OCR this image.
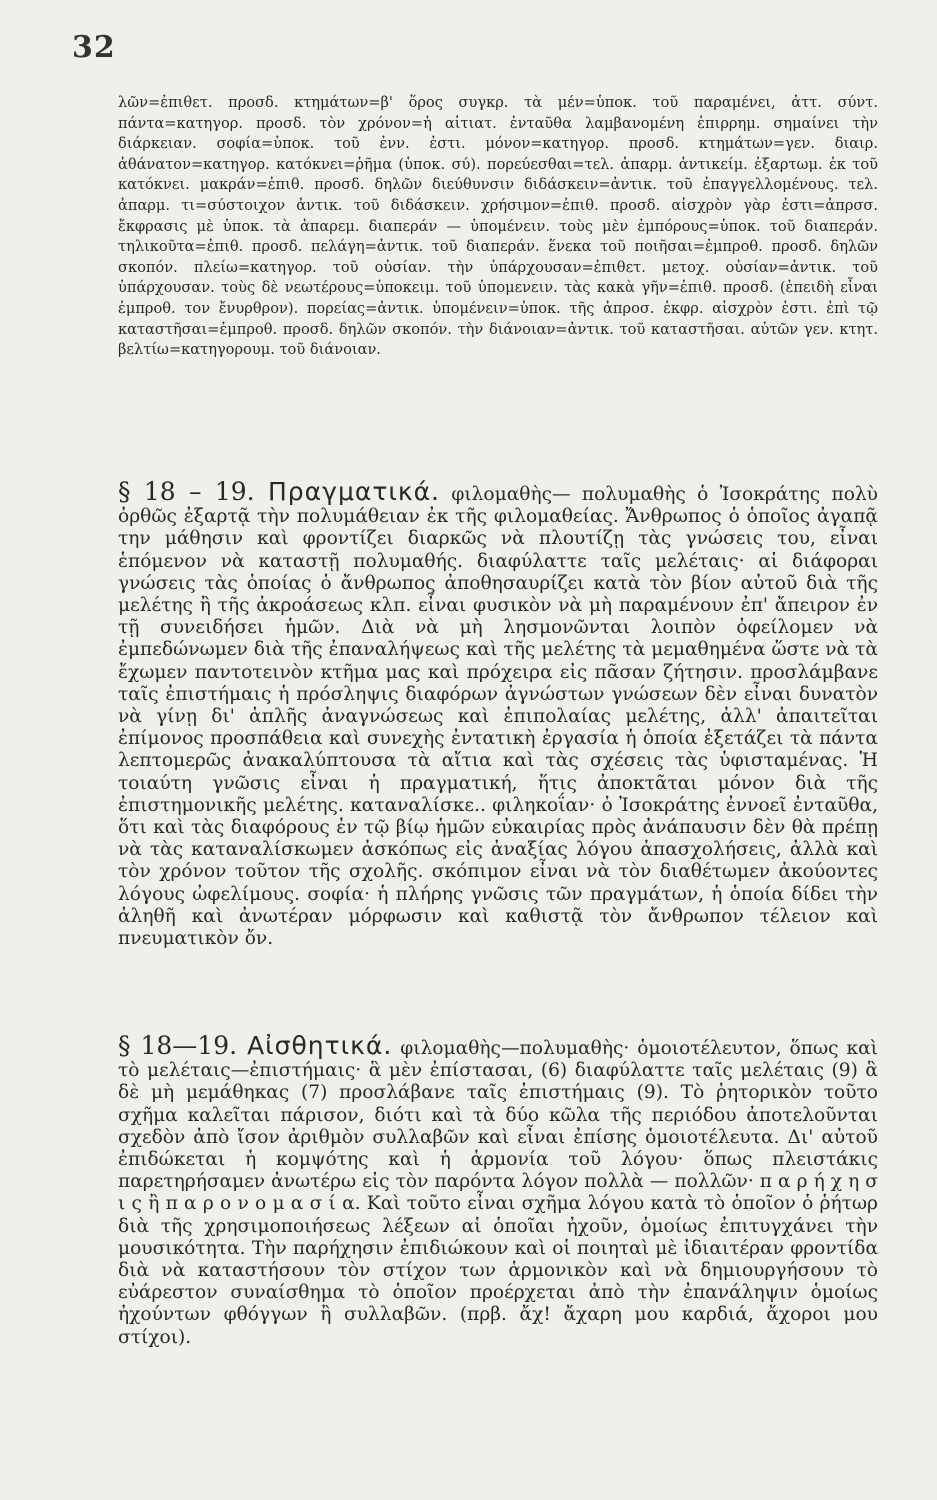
32
λῶν=ἐπιθετ. προσδ. κτημάτων=β' ὅρος συγκρ. τὰ μέν=ὑποκ. τοῦ παραμένει, ἀττ. σύντ. πάντα=κατηγορ. προσδ. τὸν χρόνον=ἡ αἰτιατ. ἐνταῦθα λαμβανομένη ἐπιρρημ. σημαίνει τὴν διάρκειαν. σοφία=ὑποκ. τοῦ ἐνν. ἐστι. μόνον=κατηγορ. προσδ. κτημάτων=γεν. διαιρ. ἀθάνατον=κατηγορ. κατόκνει=ῥῆμα (ὑποκ. σύ). πορεύεσθαι=τελ. ἀπαρμ. ἀντικείμ. ἐξαρτωμ. ἐκ τοῦ κατόκνει. μακράν=ἐπιθ. προσδ. δηλῶν διεύθυνσιν διδάσκειν=ἀντικ. τοῦ ἐπαγγελλομένους. τελ. ἀπαρμ. τι=σύστοιχον ἀντικ. τοῦ διδάσκειν. χρήσιμον=ἐπιθ. προσδ. αἰσχρὸν γὰρ ἐστι=ἀπρσσ. ἔκφρασις μὲ ὑποκ. τὰ ἀπαρεμ. διαπεράν — ὑπομένειν. τοὺς μὲν ἐμπόρους=ὑποκ. τοῦ διαπεράν. τηλικοῦτα=ἐπιθ. προσδ. πελάγη=ἀντικ. τοῦ διαπεράν. ἕνεκα τοῦ ποιῆσαι=ἐμπροθ. προσδ. δηλῶν σκοπόν. πλείω=κατηγορ. τοῦ οὐσίαν. τὴν ὑπάρχουσαν=ἐπιθετ. μετοχ. οὐσίαν=ἀντικ. τοῦ ὑπάρχουσαν. τοὺς δὲ νεωτέρους=ὑποκειμ. τοῦ ὑπομενειν. τὰς κακὰ γῆν=ἐπιθ. προσδ. (ἐπειδὴ εἶναι ἐμπροθ. τον ἔνυρθρον). πορείας=ἀντικ. ὑπομένειν=ὑποκ. τῆς ἀπροσ. ἐκφρ. αἰσχρὸν ἐστι. ἐπὶ τῷ καταστῆσαι=ἐμπροθ. προσδ. δηλῶν σκοπόν. τὴν διάνοιαν=ἀντικ. τοῦ καταστῆσαι. αὐτῶν γεν. κτητ. βελτίω=κατηγορουμ. τοῦ διάνοιαν.
§ 18 – 19. Πραγματικά. φιλομαθὴς— πολυμαθὴς ὁ Ἰσοκράτης πολὺ ὀρθῶς ἐξαρτᾷ τὴν πολυμάθειαν ἐκ τῆς φιλομαθείας. Ἄνθρωπος ὁ ὁποῖος ἀγαπᾷ την μάθησιν καὶ φροντίζει διαρκῶς νὰ πλουτίζῃ τὰς γνώσεις του, εἶναι ἑπόμενον νὰ καταστῇ πολυμαθής. διαφύλαττε ταῖς μελέταις· αἱ διάφοραι γνώσεις τὰς ὁποίας ὁ ἄνθρωπος ἀποθησαυρίζει κατὰ τὸν βίον αὐτοῦ διὰ τῆς μελέτης ἢ τῆς ἀκροάσεως κλπ. εἶναι φυσικὸν νὰ μὴ παραμένουν ἐπ' ἄπειρον ἐν τῇ συνειδήσει ἡμῶν. Διὰ νὰ μὴ λησμονῶνται λοιπὸν ὀφείλομεν νὰ ἐμπεδώνωμεν διὰ τῆς ἐπαναλήψεως καὶ τῆς μελέτης τὰ μεμαθημένα ὥστε νὰ τὰ ἔχωμεν παντοτεινὸν κτῆμα μας καὶ πρόχειρα εἰς πᾶσαν ζήτησιν. προσλάμβανε ταῖς ἐπιστήμαις ἡ πρόσληψις διαφόρων ἀγνώστων γνώσεων δὲν εἶναι δυνατὸν νὰ γίνῃ δι' ἁπλῆς ἀναγνώσεως καὶ ἐπιπολαίας μελέτης, ἀλλ' ἀπαιτεῖται ἐπίμονος προσπάθεια καὶ συνεχὴς ἐντατικὴ ἐργασία ἡ ὁποία ἐξετάζει τὰ πάντα λεπτομερῶς ἀνακαλύπτουσα τὰ αἴτια καὶ τὰς σχέσεις τὰς ὑφισταμένας. Ἡ τοιαύτη γνῶσις εἶναι ἡ πραγματική, ἥτις ἀποκτᾶται μόνον διὰ τῆς ἐπιστημονικῆς μελέτης. καταναλίσκε.. φιληκοΐαν· ὁ Ἰσοκράτης ἐννοεῖ ἐνταῦθα, ὅτι καὶ τὰς διαφόρους ἐν τῷ βίῳ ἡμῶν εὐκαιρίας πρὸς ἀνάπαυσιν δὲν θὰ πρέπῃ νὰ τὰς καταναλίσκωμεν ἀσκόπως εἰς ἀναξίας λόγου ἀπασχολήσεις, ἀλλὰ καὶ τὸν χρόνον τοῦτον τῆς σχολῆς. σκόπιμον εἶναι νὰ τὸν διαθέτωμεν ἀκούοντες λόγους ὠφελίμους. σοφία· ἡ πλήρης γνῶσις τῶν πραγμάτων, ἡ ὁποία δίδει τὴν ἀληθῆ καὶ ἀνωτέραν μόρφωσιν καὶ καθιστᾷ τὸν ἄνθρωπον τέλειον καὶ πνευματικὸν ὄν.
§ 18—19. Αἰσθητικά. φιλομαθὴς—πολυμαθὴς· ὁμοιοτέλευτον, ὅπως καὶ τὸ μελέταις—ἐπιστήμαις· ἃ μὲν ἐπίστασαι, (6) διαφύλαττε ταῖς μελέταις (9) ἃ δὲ μὴ μεμάθηκας (7) προσλάβανε ταῖς ἐπιστήμαις (9). Τὸ ῥητορικὸν τοῦτο σχῆμα καλεῖται πάρισον, διότι καὶ τὰ δύο κῶλα τῆς περιόδου ἀποτελοῦνται σχεδὸν ἀπὸ ἴσον ἀριθμὸν συλλαβῶν καὶ εἶναι ἐπίσης ὁμοιοτέλευτα. Δι' αὐτοῦ ἐπιδώκεται ἡ κομψότης καὶ ἡ ἁρμονία τοῦ λόγου· ὅπως πλειστάκις παρετηρήσαμεν ἀνωτέρω εἰς τὸν παρόντα λόγον πολλὰ — πολλῶν· π α ρ ή χ η σ ι ς ἢ π α ρ ο ν ο μ α σ ί α. Καὶ τοῦτο εἶναι σχῆμα λόγου κατὰ τὸ ὁποῖον ὁ ῥήτωρ διὰ τῆς χρησιμοποιήσεως λέξεων αἱ ὁποῖαι ἠχοῦν, ὁμοίως ἐπιτυγχάνει τὴν μουσικότητα. Τὴν παρήχησιν ἐπιδιώκουν καὶ οἱ ποιηταὶ μὲ ἰδιαιτέραν φροντίδα διὰ νὰ καταστήσουν τὸν στίχον των ἁρμονικὸν καὶ νὰ δημιουργήσουν τὸ εὐάρεστον συναίσθημα τὸ ὁποῖον προέρχεται ἀπὸ τὴν ἐπανάληψιν ὁμοίως ἠχούντων φθόγγων ἢ συλλαβῶν. (πρβ. ἄχ! ἄχαρη μου καρδιά, ἄχοροι μου στίχοι).
